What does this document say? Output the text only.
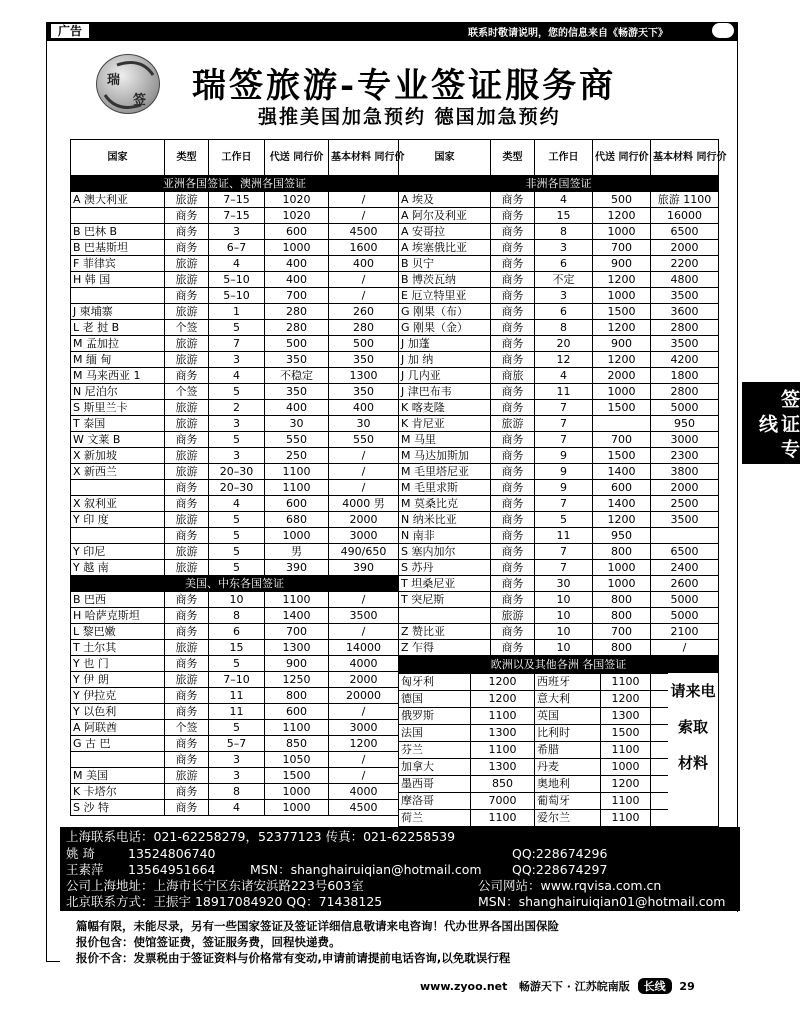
广告	联系时敬请说明，您的信息来自《畅游天下》
瑞
签 瑞签旅游-专业签证服务商
强推美国加急预约 德国加急预约
国家	类型	工作日	代送 同行价	基本材料 同行价
亚洲各国签证、澳洲各国签证				
A 澳大利亚	旅游	7–15	1020	/
	商务	7–15	1020	/
B 巴林 B	商务	3	600	4500
B 巴基斯坦	商务	6–7	1000	1600
F 菲律宾	旅游	4	400	400
H 韩 国	旅游	5–10	400	/
	商务	5–10	700	/
J 柬埔寨	旅游	1	280	260
L 老 挝 B	个签	5	280	280
M 孟加拉	旅游	7	500	500
M 缅 甸	旅游	3	350	350
M 马来西亚 1	商务	4	不稳定	1300
N 尼泊尔	个签	5	350	350
S 斯里兰卡	旅游	2	400	400
T 泰国	旅游	3	30	30
W 文莱 B	商务	5	550	550
X 新加坡	旅游	3	250	/
X 新西兰	旅游	20–30	1100	/
	商务	20–30	1100	/
X 叙利亚	商务	4	600	4000 男
Y 印 度	旅游	5	680	2000
	商务	5	1000	3000
Y 印尼	旅游	5	男	490/650
Y 越 南	旅游	5	390	390
美国、中东各国签证				
B 巴西	商务	10	1100	/
H 哈萨克斯坦	商务	8	1400	3500
L 黎巴嫩	商务	6	700	/
T 土尔其	旅游	15	1300	14000
Y 也 门	商务	5	900	4000
Y 伊 朗	旅游	7–10	1250	2000
Y 伊拉克	商务	11	800	20000
Y 以色利	商务	11	600	/
A 阿联酋	个签	5	1100	3000
G 古 巴	商务	5–7	850	1200
	商务	3	1050	/
M 美国	旅游	3	1500	/
K 卡塔尔	商务	8	1000	4000
S 沙 特	商务	4	1000	4500
国家	类型	工作日	代送 同行价	基本材料 同行价
非洲各国签证				
A 埃及	商务	4	500	旅游 1100
A 阿尔及利亚	商务	15	1200	16000
A 安哥拉	商务	8	1000	6500
A 埃塞俄比亚	商务	3	700	2000
B 贝宁	商务	6	900	2200
B 博茨瓦纳	商务	不定	1200	4800
E 厄立特里亚	商务	3	1000	3500
G 刚果（布）	商务	6	1500	3600
G 刚果（金）	商务	8	1200	2800
J 加蓬	商务	20	900	3500
J 加 纳	商务	12	1200	4200
J 几内亚	商旅	4	2000	1800
J 津巴布韦	商务	11	1000	2800
K 喀麦隆	商务	7	1500	5000
K 肯尼亚	旅游	7		950
M 马里	商务	7	700	3000
M 马达加斯加	商务	9	1500	2300
M 毛里塔尼亚	商务	9	1400	3800
M 毛里求斯	商务	9	600	2000
M 莫桑比克	商务	7	1400	2500
N 纳米比亚	商务	5	1200	3500
N 南非	商务	11	950	
S 塞内加尔	商务	7	800	6500
S 苏丹	商务	7	1000	2400
T 坦桑尼亚	商务	30	1000	2600
T 突尼斯	商务	10	800	5000
	旅游	10	800	5000
Z 赞比亚	商务	10	700	2100
Z 乍得	商务	10	800	/
欧洲以及其他各洲 各国签证				
匈牙利	1200	西班牙	1100	
德国	1200	意大利	1200	
俄罗斯	1100	英国	1300	
法国	1300	比利时	1500	
芬兰	1100	希腊	1100	
加拿大	1300	丹麦	1000	
墨西哥	850	奥地利	1200	
摩洛哥	7000	葡萄牙	1100	
荷兰	1100	爱尔兰	1100	
请来电
索取
材料
签证专线
上海联系电话：021-62258279，52377123 传真：021-62258539
姚 琦	13524806740	QQ:228674296
王素萍 13564951664	MSN：shanghairuiqian@hotmail.com QQ:228674297
公司上海地址：上海市长宁区东诸安浜路223号603室	公司网站：www.rqvisa.com.cn
北京联系方式：王振宇 18917084920 QQ：71438125	MSN：shanghairuiqian01@hotmail.com
篇幅有限，未能尽录，另有一些国家签证及签证详细信息敬请来电咨询！代办世界各国出国保险
报价包含：使馆签证费，签证服务费，回程快递费。
报价不含：发票税由于签证资料与价格常有变动,申请前请提前电话咨询,以免耽误行程
www.zyoo.net 畅游天下 · 江苏皖南版 长线 29
